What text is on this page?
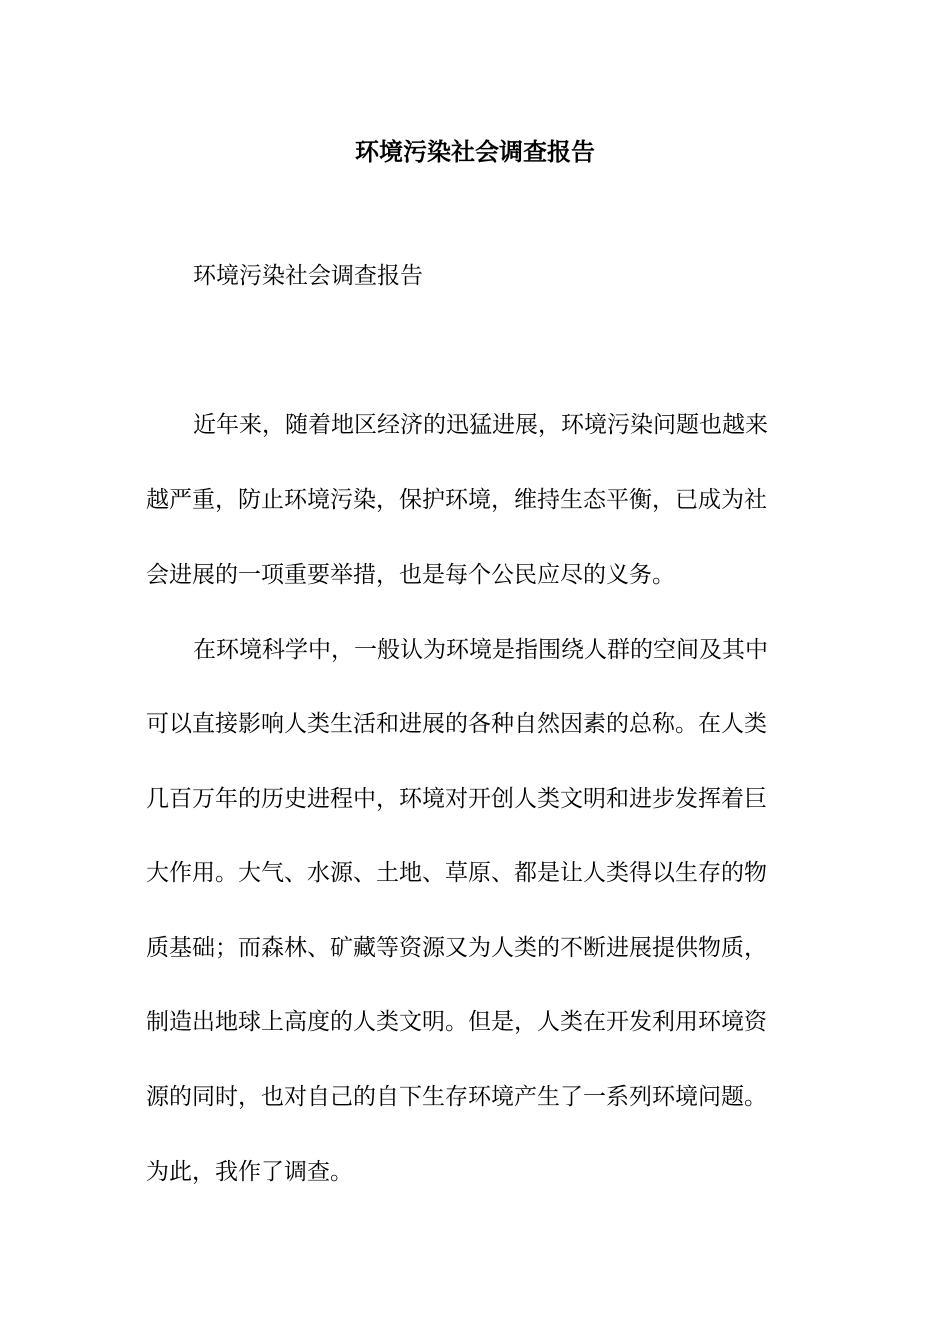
环境污染社会调查报告
环境污染社会调查报告
近年来，随着地区经济的迅猛进展，环境污染问题也越来
越严重，防止环境污染，保护环境，维持生态平衡，已成为社
会进展的一项重要举措，也是每个公民应尽的义务。
在环境科学中，一般认为环境是指围绕人群的空间及其中
可以直接影响人类生活和进展的各种自然因素的总称。在人类
几百万年的历史进程中，环境对开创人类文明和进步发挥着巨
大作用。大气、水源、土地、草原、都是让人类得以生存的物
质基础；而森林、矿藏等资源又为人类的不断进展提供物质，
制造出地球上高度的人类文明。但是，人类在开发利用环境资
源的同时，也对自己的自下生存环境产生了一系列环境问题。
为此，我作了调查。
